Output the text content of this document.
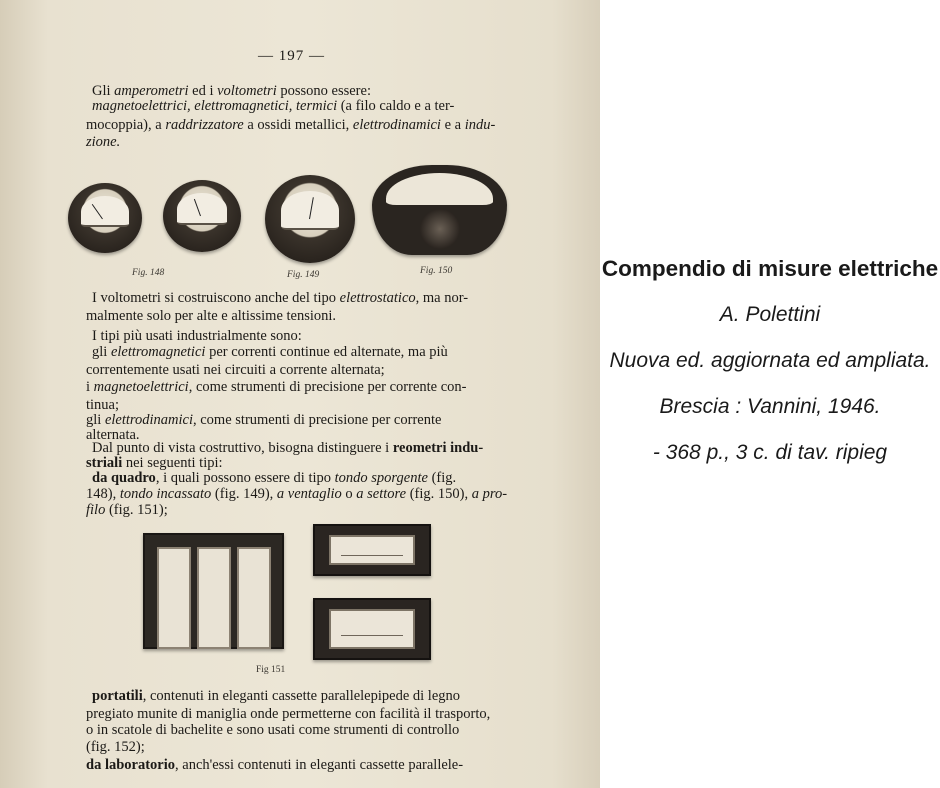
— 197 —
Gli amperometri ed i voltometri possono essere:
magnetoelettrici, elettromagnetici, termici (a filo caldo e a ter-
mocoppia), a raddrizzatore a ossidi metallici, elettrodinamici e a indu-
zione.
Fig. 148	Fig. 149	Fig. 150
I voltometri si costruiscono anche del tipo elettrostatico, ma nor-
malmente solo per alte e altissime tensioni.
I tipi più usati industrialmente sono:
gli elettromagnetici per correnti continue ed alternate, ma più
correntemente usati nei circuiti a corrente alternata;
i magnetoelettrici, come strumenti di precisione per corrente con-
tinua;
gli elettrodinamici, come strumenti di precisione per corrente
alternata.
Dal punto di vista costruttivo, bisogna distinguere i reometri indu-
striali nei seguenti tipi:
da quadro, i quali possono essere di tipo tondo sporgente (fig.
148), tondo incassato (fig. 149), a ventaglio o a settore (fig. 150), a pro-
filo (fig. 151);
Fig 151
portatili, contenuti in eleganti cassette parallelepipede di legno
pregiato munite di maniglia onde permetterne con facilità il trasporto,
o in scatole di bachelite e sono usati come strumenti di controllo
(fig. 152);
da laboratorio, anch'essi contenuti in eleganti cassette parallele-
Compendio di misure elettriche
A. Polettini
Nuova ed. aggiornata ed ampliata.
Brescia : Vannini, 1946.
- 368 p., 3 c. di tav. ripieg
